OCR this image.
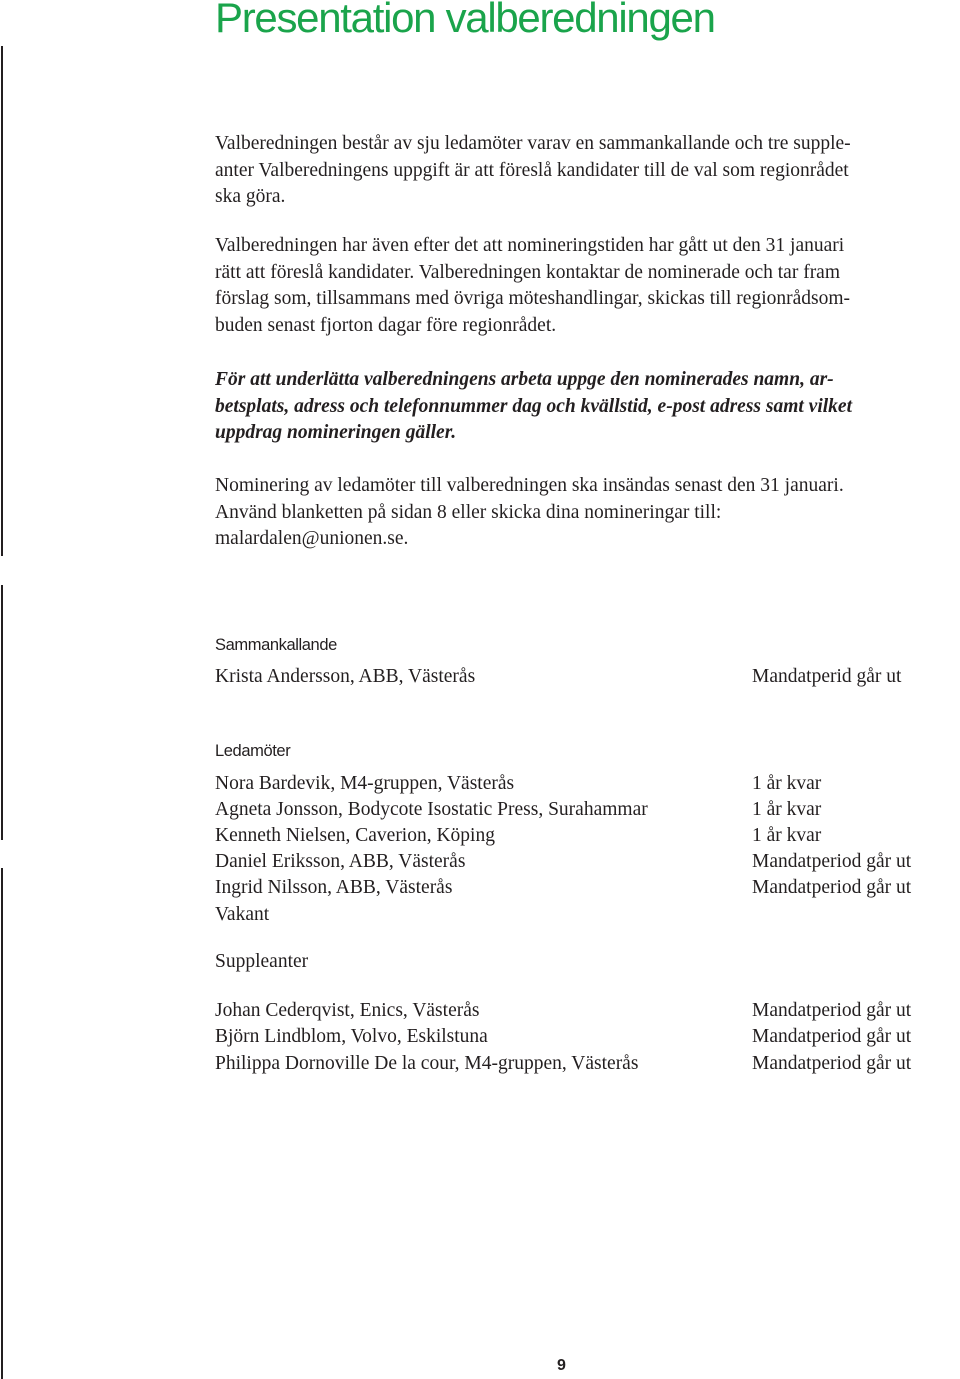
Presentation valberedningen

Valberedningen består av sju ledamöter varav en sammankallande och tre supple-
anter Valberedningens uppgift är att föreslå kandidater till de val som regionrådet
ska göra.

Valberedningen har även efter det att nomineringstiden har gått ut den 31 januari
rätt att föreslå kandidater. Valberedningen kontaktar de nominerade och tar fram
förslag som, tillsammans med övriga möteshandlingar, skickas till regionrådsom-
buden senast fjorton dagar före regionrådet.

För att underlätta valberedningens arbeta uppge den nominerades namn, ar-
betsplats, adress och telefonnummer dag och kvällstid, e-post adress samt vilket
uppdrag nomineringen gäller.

Nominering av ledamöter till valberedningen ska insändas senast den 31 januari.
Använd blanketten på sidan 8 eller skicka dina nomineringar till:
malardalen@unionen.se.

Sammankallande
Krista Andersson, ABB, Västerås	Mandatperid går ut
Ledamöter
Nora Bardevik, M4-gruppen, Västerås	1 år kvar
Agneta Jonsson, Bodycote Isostatic Press, Surahammar	1 år kvar
Kenneth Nielsen, Caverion, Köping	1 år kvar
Daniel Eriksson, ABB, Västerås	Mandatperiod går ut
Ingrid Nilsson, ABB, Västerås	Mandatperiod går ut
Vakant
Suppleanter
Johan Cederqvist, Enics, Västerås	Mandatperiod går ut
Björn Lindblom, Volvo, Eskilstuna	Mandatperiod går ut
Philippa Dornoville De la cour, M4-gruppen, Västerås	Mandatperiod går ut
9
